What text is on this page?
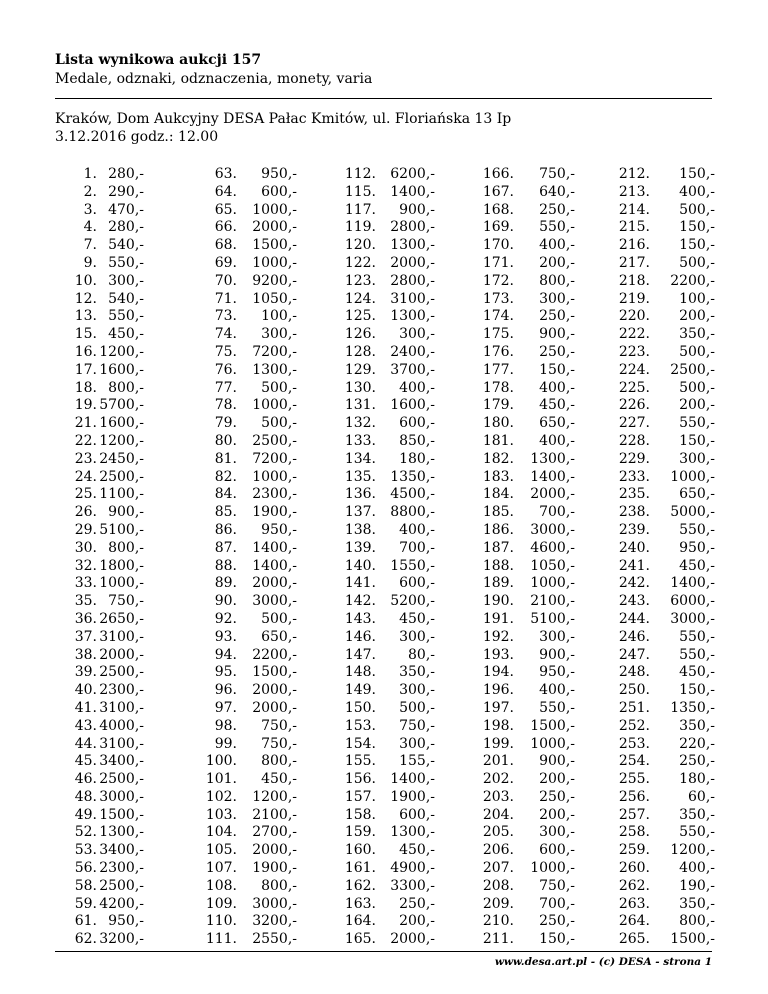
Lista wynikowa aukcji 157
Medale, odznaki, odznaczenia, monety, varia
Kraków, Dom Aukcyjny DESA Pałac Kmitów, ul. Floriańska 13 Ip
3.12.2016 godz.: 12.00
1. 280,-
2. 290,-
3. 470,-
4. 280,-
7. 540,-
9. 550,-
10. 300,-
12. 540,-
13. 550,-
15. 450,-
16. 1200,-
17. 1600,-
18. 800,-
19. 5700,-
21. 1600,-
22. 1200,-
23. 2450,-
24. 2500,-
25. 1100,-
26. 900,-
29. 5100,-
30. 800,-
32. 1800,-
33. 1000,-
35. 750,-
36. 2650,-
37. 3100,-
38. 2000,-
39. 2500,-
40. 2300,-
41. 3100,-
43. 4000,-
44. 3100,-
45. 3400,-
46. 2500,-
48. 3000,-
49. 1500,-
52. 1300,-
53. 3400,-
56. 2300,-
58. 2500,-
59. 4200,-
61. 950,-
62. 3200,-
63.	950,-
64.	600,-
65.	1000,-
66.	2000,-
68.	1500,-
69.	1000,-
70.	9200,-
71.	1050,-
73.	100,-
74.	300,-
75.	7200,-
76.	1300,-
77.	500,-
78.	1000,-
79.	500,-
80.	2500,-
81.	7200,-
82.	1000,-
84.	2300,-
85.	1900,-
86.	950,-
87.	1400,-
88.	1400,-
89.	2000,-
90.	3000,-
92.	500,-
93.	650,-
94.	2200,-
95.	1500,-
96.	2000,-
97.	2000,-
98.	750,-
99.	750,-
100.	800,-
101.	450,-
102.	1200,-
103.	2100,-
104.	2700,-
105.	2000,-
107.	1900,-
108.	800,-
109.	3000,-
110.	3200,-
111.	2550,-
112.	6200,-
115.	1400,-
117.	900,-
119.	2800,-
120.	1300,-
122.	2000,-
123.	2800,-
124.	3100,-
125.	1300,-
126.	300,-
128.	2400,-
129.	3700,-
130.	400,-
131.	1600,-
132.	600,-
133.	850,-
134.	180,-
135.	1350,-
136.	4500,-
137.	8800,-
138.	400,-
139.	700,-
140.	1550,-
141.	600,-
142.	5200,-
143.	450,-
146.	300,-
147.	80,-
148.	350,-
149.	300,-
150.	500,-
153.	750,-
154.	300,-
155.	155,-
156.	1400,-
157.	1900,-
158.	600,-
159.	1300,-
160.	450,-
161.	4900,-
162.	3300,-
163.	250,-
164.	200,-
165.	2000,-
166.	750,-
167.	640,-
168.	250,-
169.	550,-
170.	400,-
171.	200,-
172.	800,-
173.	300,-
174.	250,-
175.	900,-
176.	250,-
177.	150,-
178.	400,-
179.	450,-
180.	650,-
181.	400,-
182.	1300,-
183.	1400,-
184.	2000,-
185.	700,-
186.	3000,-
187.	4600,-
188.	1050,-
189.	1000,-
190.	2100,-
191.	5100,-
192.	300,-
193.	900,-
194.	950,-
196.	400,-
197.	550,-
198.	1500,-
199.	1000,-
201.	900,-
202.	200,-
203.	250,-
204.	200,-
205.	300,-
206.	600,-
207.	1000,-
208.	750,-
209.	700,-
210.	250,-
211.	150,-
212.	150,-
213.	400,-
214.	500,-
215.	150,-
216.	150,-
217.	500,-
218.	2200,-
219.	100,-
220.	200,-
222.	350,-
223.	500,-
224.	2500,-
225.	500,-
226.	200,-
227.	550,-
228.	150,-
229.	300,-
233.	1000,-
235.	650,-
238.	5000,-
239.	550,-
240.	950,-
241.	450,-
242.	1400,-
243.	6000,-
244.	3000,-
246.	550,-
247.	550,-
248.	450,-
250.	150,-
251.	1350,-
252.	350,-
253.	220,-
254.	250,-
255.	180,-
256.	60,-
257.	350,-
258.	550,-
259.	1200,-
260.	400,-
262.	190,-
263.	350,-
264.	800,-
265.	1500,-
www.desa.art.pl - (c) DESA - strona 1
